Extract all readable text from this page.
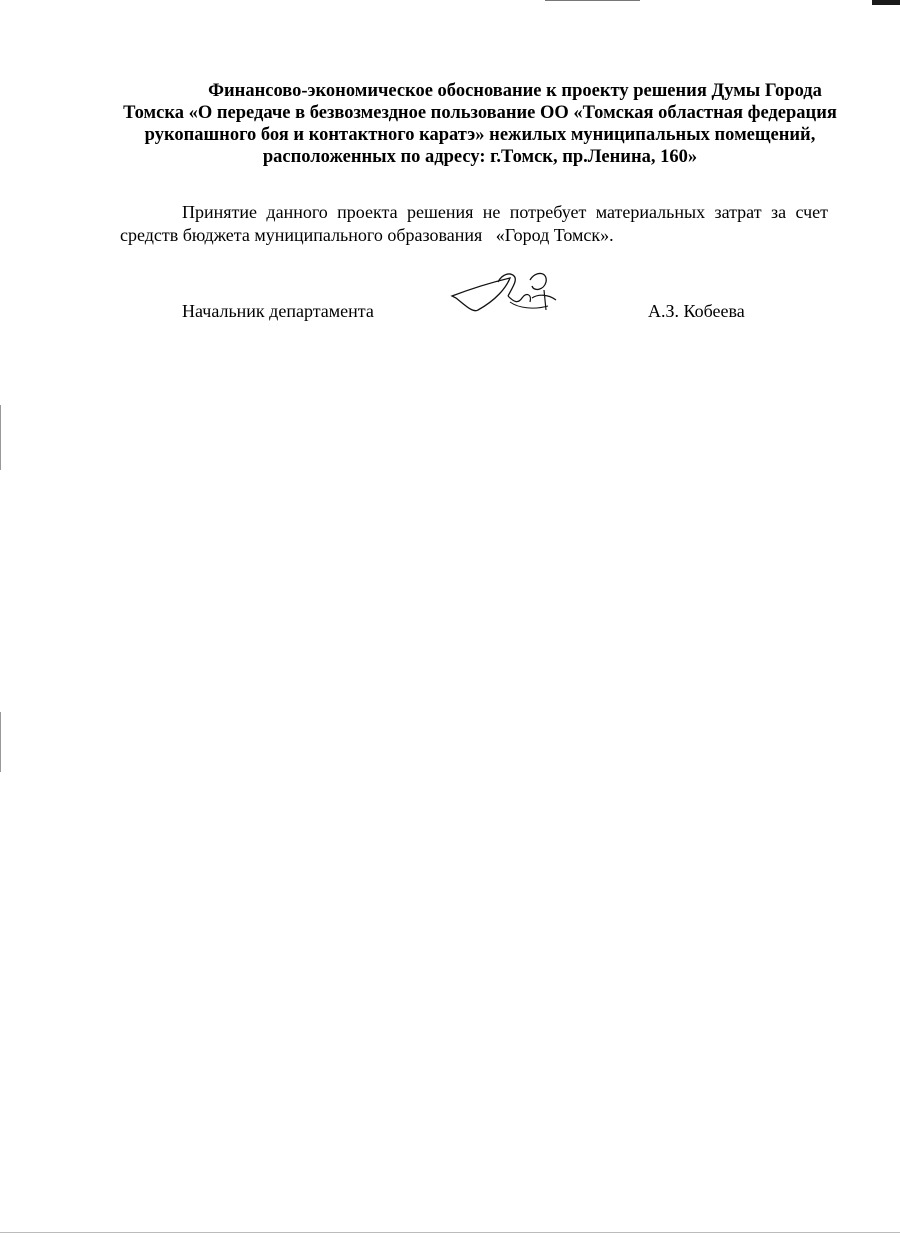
Финансово-экономическое обоснование к проекту решения Думы Города
Томска «О передаче в безвозмездное пользование ОО «Томская областная федерация
рукопашного боя и контактного каратэ» нежилых муниципальных помещений,
расположенных по адресу: г.Томск, пр.Ленина, 160»

Принятие данного проекта решения не потребует материальных затрат за счет
средств бюджета муниципального образования   «Город Томск».

Начальник департамента	А.З. Кобеева
